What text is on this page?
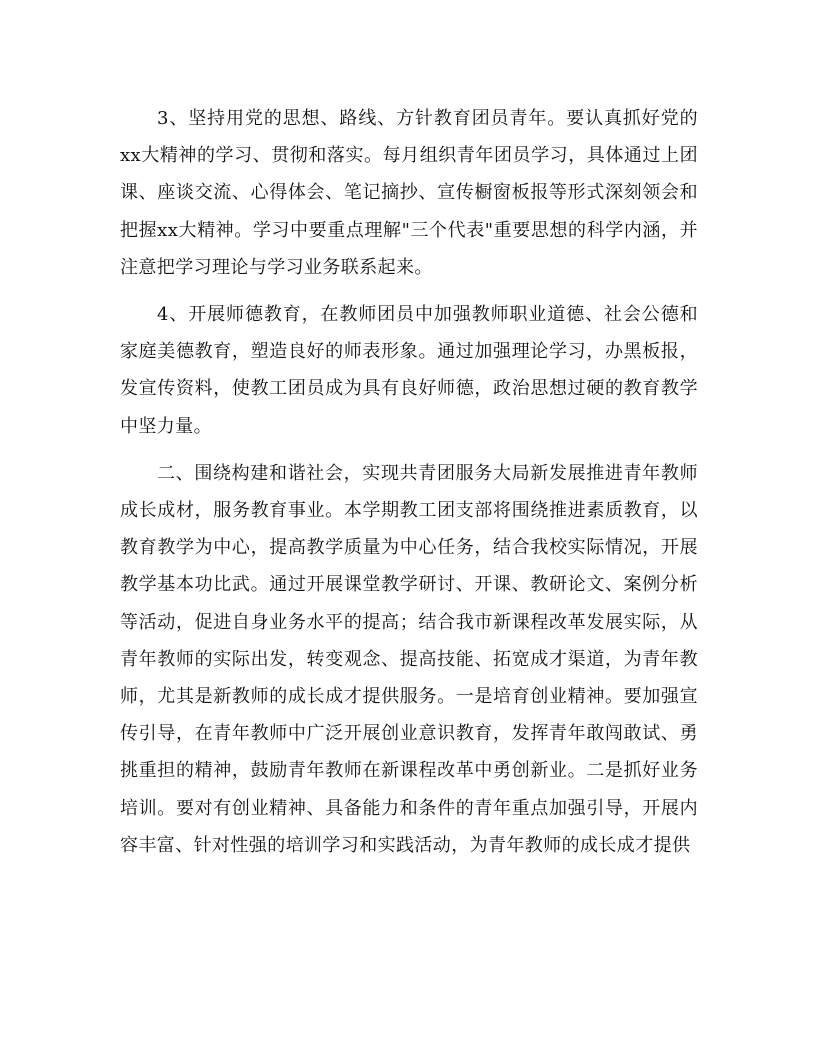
3、坚持用党的思想、路线、方针教育团员青年。要认真抓好党的xx大精神的学习、贯彻和落实。每月组织青年团员学习，具体通过上团课、座谈交流、心得体会、笔记摘抄、宣传橱窗板报等形式深刻领会和把握xx大精神。学习中要重点理解"三个代表"重要思想的科学内涵，并注意把学习理论与学习业务联系起来。

4、开展师德教育，在教师团员中加强教师职业道德、社会公德和家庭美德教育，塑造良好的师表形象。通过加强理论学习，办黑板报，发宣传资料，使教工团员成为具有良好师德，政治思想过硬的教育教学中坚力量。

二、围绕构建和谐社会，实现共青团服务大局新发展推进青年教师成长成材，服务教育事业。本学期教工团支部将围绕推进素质教育，以教育教学为中心，提高教学质量为中心任务，结合我校实际情况，开展教学基本功比武。通过开展课堂教学研讨、开课、教研论文、案例分析等活动，促进自身业务水平的提高；结合我市新课程改革发展实际，从青年教师的实际出发，转变观念、提高技能、拓宽成才渠道，为青年教师，尤其是新教师的成长成才提供服务。一是培育创业精神。要加强宣传引导，在青年教师中广泛开展创业意识教育，发挥青年敢闯敢试、勇挑重担的精神，鼓励青年教师在新课程改革中勇创新业。二是抓好业务培训。要对有创业精神、具备能力和条件的青年重点加强引导，开展内容丰富、针对性强的培训学习和实践活动，为青年教师的成长成才提供
